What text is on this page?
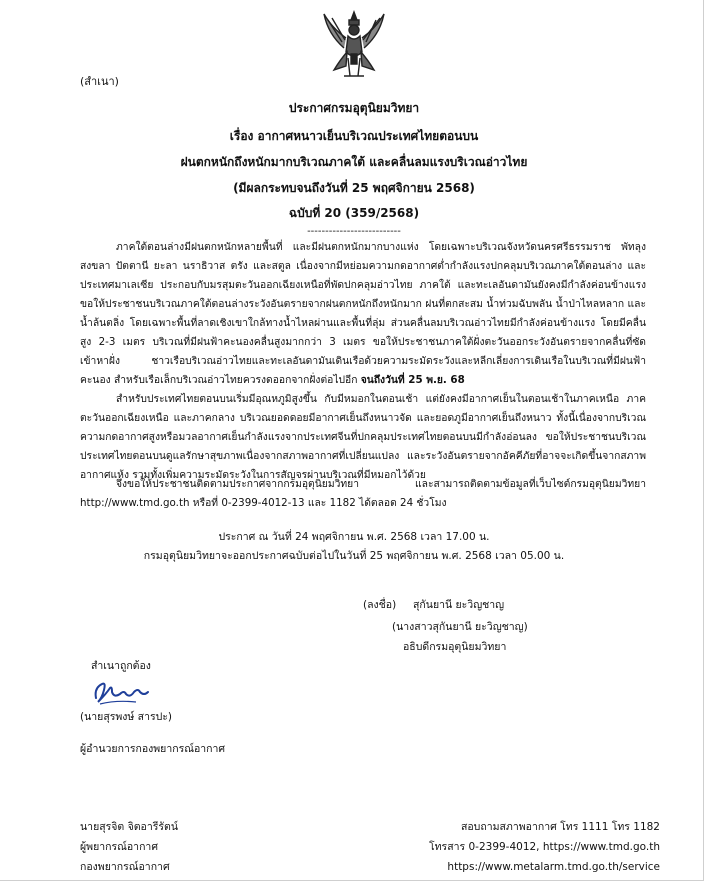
(สำเนา)
ประกาศกรมอุตุนิยมวิทยา
เรื่อง อากาศหนาวเย็นบริเวณประเทศไทยตอนบน
ฝนตกหนักถึงหนักมากบริเวณภาคใต้ และคลื่นลมแรงบริเวณอ่าวไทย
(มีผลกระทบจนถึงวันที่ 25 พฤศจิกายน 2568)
ฉบับที่ 20 (359/2568)
--------------------------
ภาคใต้ตอนล่างมีฝนตกหนักหลายพื้นที่ และมีฝนตกหนักมากบางแห่ง โดยเฉพาะบริเวณจังหวัดนครศรีธรรมราช พัทลุง สงขลา ปัตตานี ยะลา นราธิวาส ตรัง และสตูล เนื่องจากมีหย่อมความกดอากาศต่ำกำลังแรงปกคลุมบริเวณภาคใต้ตอนล่าง และประเทศมาเลเซีย ประกอบกับมรสุมตะวันออกเฉียงเหนือที่พัดปกคลุมอ่าวไทย ภาคใต้ และทะเลอันดามันยังคงมีกำลังค่อนข้างแรง ขอให้ประชาชนบริเวณภาคใต้ตอนล่างระวังอันตรายจากฝนตกหนักถึงหนักมาก ฝนที่ตกสะสม น้ำท่วมฉับพลัน น้ำป่าไหลหลาก และน้ำล้นตลิ่ง โดยเฉพาะพื้นที่ลาดเชิงเขาใกล้ทางน้ำไหลผ่านและพื้นที่ลุ่ม ส่วนคลื่นลมบริเวณอ่าวไทยมีกำลังค่อนข้างแรง โดยมีคลื่นสูง 2-3 เมตร บริเวณที่มีฝนฟ้าคะนองคลื่นสูงมากกว่า 3 เมตร ขอให้ประชาชนภาคใต้ฝั่งตะวันออกระวังอันตรายจากคลื่นที่ซัดเข้าหาฝั่ง ชาวเรือบริเวณอ่าวไทยและทะเลอันดามันเดินเรือด้วยความระมัดระวังและหลีกเลี่ยงการเดินเรือในบริเวณที่มีฝนฟ้าคะนอง สำหรับเรือเล็กบริเวณอ่าวไทยควรงดออกจากฝั่งต่อไปอีก จนถึงวันที่ 25 พ.ย. 68
สำหรับประเทศไทยตอนบนเริ่มมีอุณหภูมิสูงขึ้น กับมีหมอกในตอนเช้า แต่ยังคงมีอากาศเย็นในตอนเช้าในภาคเหนือ ภาคตะวันออกเฉียงเหนือ และภาคกลาง บริเวณยอดดอยมีอากาศเย็นถึงหนาวจัด และยอดภูมีอากาศเย็นถึงหนาว ทั้งนี้เนื่องจากบริเวณความกดอากาศสูงหรือมวลอากาศเย็นกำลังแรงจากประเทศจีนที่ปกคลุมประเทศไทยตอนบนมีกำลังอ่อนลง ขอให้ประชาชนบริเวณประเทศไทยตอนบนดูแลรักษาสุขภาพเนื่องจากสภาพอากาศที่เปลี่ยนแปลง และระวังอันตรายจากอัคคีภัยที่อาจจะเกิดขึ้นจากสภาพอากาศแห้ง รวมทั้งเพิ่มความระมัดระวังในการสัญจรผ่านบริเวณที่มีหมอกไว้ด้วย
จึงขอให้ประชาชนติดตามประกาศจากกรมอุตุนิยมวิทยา และสามารถติดตามข้อมูลที่เว็บไซต์กรมอุตุนิยมวิทยา http://www.tmd.go.th หรือที่ 0-2399-4012-13 และ 1182 ได้ตลอด 24 ชั่วโมง
ประกาศ ณ วันที่ 24 พฤศจิกายน พ.ศ. 2568 เวลา 17.00 น.
กรมอุตุนิยมวิทยาจะออกประกาศฉบับต่อไปในวันที่ 25 พฤศจิกายน พ.ศ. 2568 เวลา 05.00 น.
(ลงชื่อ) สุกันยานี ยะวิญชาญ
(นางสาวสุกันยานี ยะวิญชาญ)
อธิบดีกรมอุตุนิยมวิทยา
สำเนาถูกต้อง
(นายสุรพงษ์ สารปะ)
ผู้อำนวยการกองพยากรณ์อากาศ
นายสุรจิต จิตอารีรัตน์
ผู้พยากรณ์อากาศ
กองพยากรณ์อากาศ
สอบถามสภาพอากาศ โทร 1111 โทร 1182
โทรสาร 0-2399-4012, https://www.tmd.go.th
https://www.metalarm.tmd.go.th/service
